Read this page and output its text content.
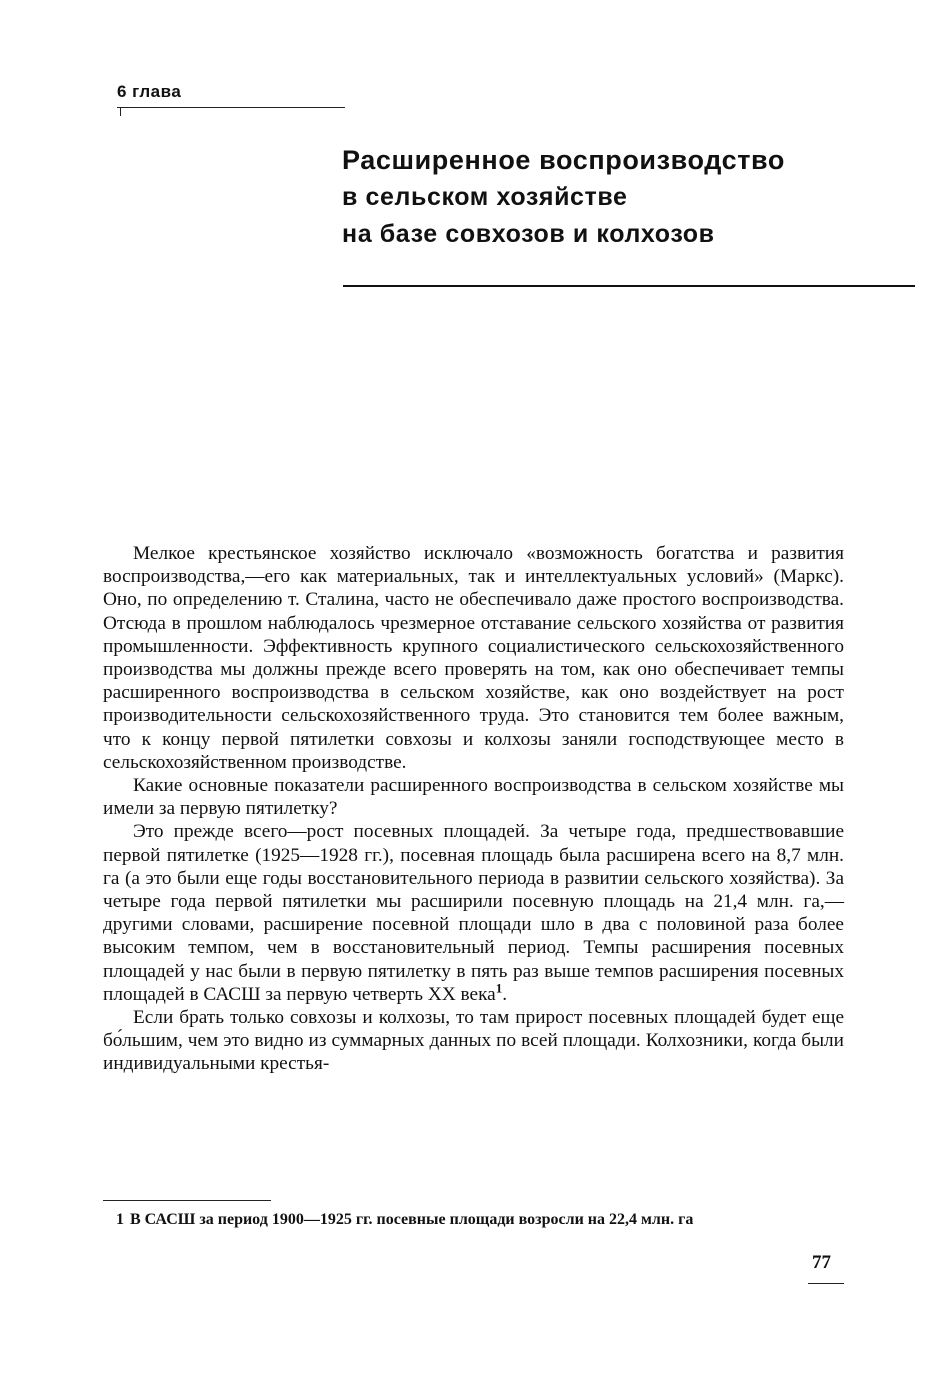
6 глава
Расширенное воспроизводство
в сельском хозяйстве
на базе совхозов и колхозов

Мелкое крестьянское хозяйство исключало «возможность богатства и развития воспроизводства,—его как материальных, так и интеллектуальных условий» (Маркс). Оно, по определению т. Сталина, часто не обеспечивало даже простого воспроизводства. Отсюда в прошлом наблюдалось чрезмерное отставание сельского хозяйства от развития промышленности. Эффективность крупного социалистического сельскохозяйственного производства мы должны прежде всего проверять на том, как оно обеспечивает темпы расширенного воспроизводства в сельском хозяйстве, как оно воздействует на рост производительности сельскохозяйственного труда. Это становится тем более важным, что к концу первой пятилетки совхозы и колхозы заняли господствующее место в сельскохозяйственном производстве.

Какие основные показатели расширенного воспроизводства в сельском хозяйстве мы имели за первую пятилетку?

Это прежде всего—рост посевных площадей. За четыре года, предшествовавшие первой пятилетке (1925—1928 гг.), посевная площадь была расширена всего на 8,7 млн. га (а это были еще годы восстановительного периода в развитии сельского хозяйства). За четыре года первой пятилетки мы расширили посевную площадь на 21,4 млн. га,— другими словами, расширение посевной площади шло в два с половиной раза более высоким темпом, чем в восстановительный период. Темпы расширения посевных площадей у нас были в первую пятилетку в пять раз выше темпов расширения посевных площадей в САСШ за первую четверть XX века$^1$.

Если брать только совхозы и колхозы, то там прирост посевных площадей будет еще бо́льшим, чем это видно из суммарных данных по всей площади. Колхозники, когда были индивидуальными крестья-

1 В САСШ за период 1900—1925 гг. посевные площади возросли на 22,4 млн. га
77
